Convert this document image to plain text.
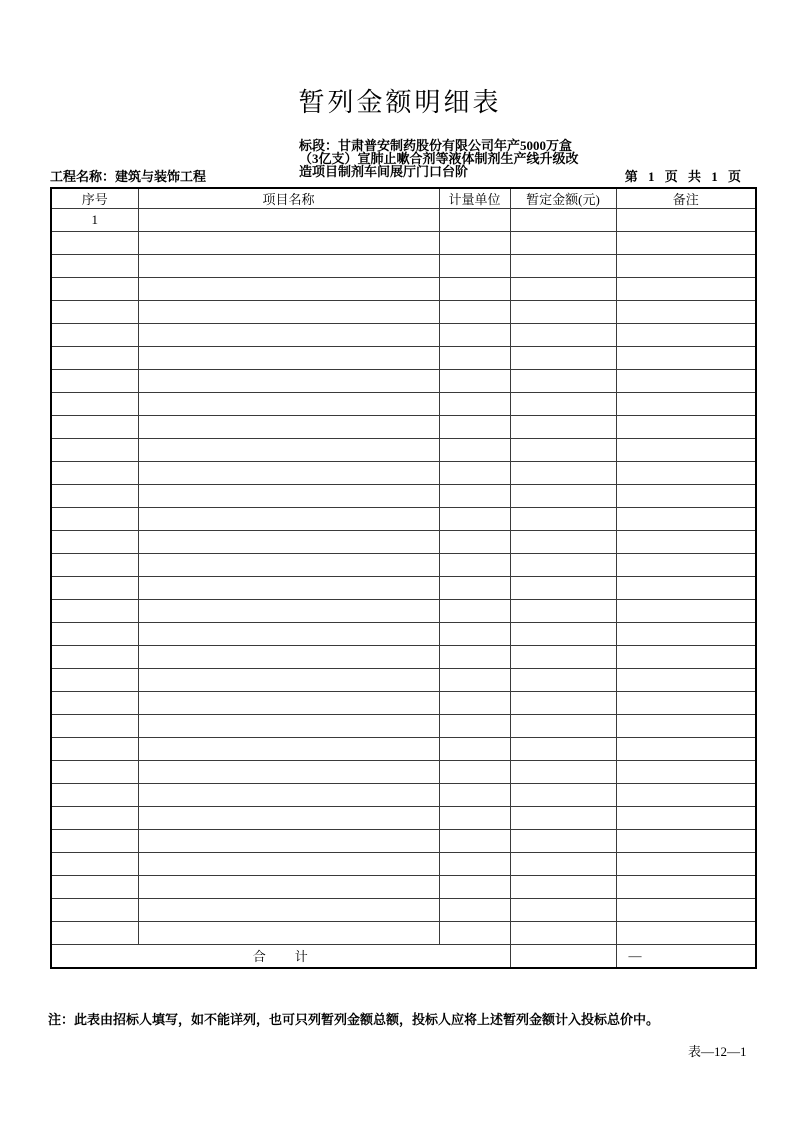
暂列金额明细表
标段：甘肃普安制药股份有限公司年产5000万盒
（3亿支）宣肺止嗽合剂等液体制剂生产线升级改
造项目制剂车间展厅门口台阶
工程名称：建筑与装饰工程	第 1 页 共 1 页
序号	项目名称	计量单位	暂定金额(元)	备注
1				

合　　计				—
注：此表由招标人填写，如不能详列，也可只列暂列金额总额，投标人应将上述暂列金额计入投标总价中。
表—12—1
